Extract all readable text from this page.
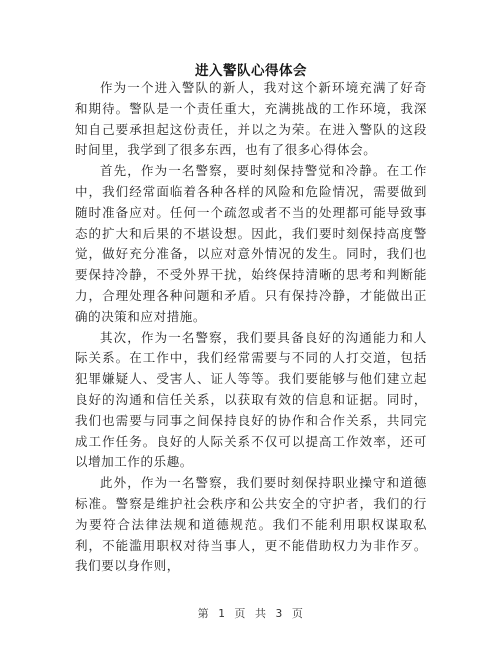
进入警队心得体会

作为一个进入警队的新人，我对这个新环境充满了好奇和期待。警队是一个责任重大，充满挑战的工作环境，我深知自己要承担起这份责任，并以之为荣。在进入警队的这段时间里，我学到了很多东西，也有了很多心得体会。

首先，作为一名警察，要时刻保持警觉和冷静。在工作中，我们经常面临着各种各样的风险和危险情况，需要做到随时准备应对。任何一个疏忽或者不当的处理都可能导致事态的扩大和后果的不堪设想。因此，我们要时刻保持高度警觉，做好充分准备，以应对意外情况的发生。同时，我们也要保持冷静，不受外界干扰，始终保持清晰的思考和判断能力，合理处理各种问题和矛盾。只有保持冷静，才能做出正确的决策和应对措施。

其次，作为一名警察，我们要具备良好的沟通能力和人际关系。在工作中，我们经常需要与不同的人打交道，包括犯罪嫌疑人、受害人、证人等等。我们要能够与他们建立起良好的沟通和信任关系，以获取有效的信息和证据。同时，我们也需要与同事之间保持良好的协作和合作关系，共同完成工作任务。良好的人际关系不仅可以提高工作效率，还可以增加工作的乐趣。

此外，作为一名警察，我们要时刻保持职业操守和道德标准。警察是维护社会秩序和公共安全的守护者，我们的行为要符合法律法规和道德规范。我们不能利用职权谋取私利，不能滥用职权对待当事人，更不能借助权力为非作歹。我们要以身作则，

第 1 页 共 3 页
